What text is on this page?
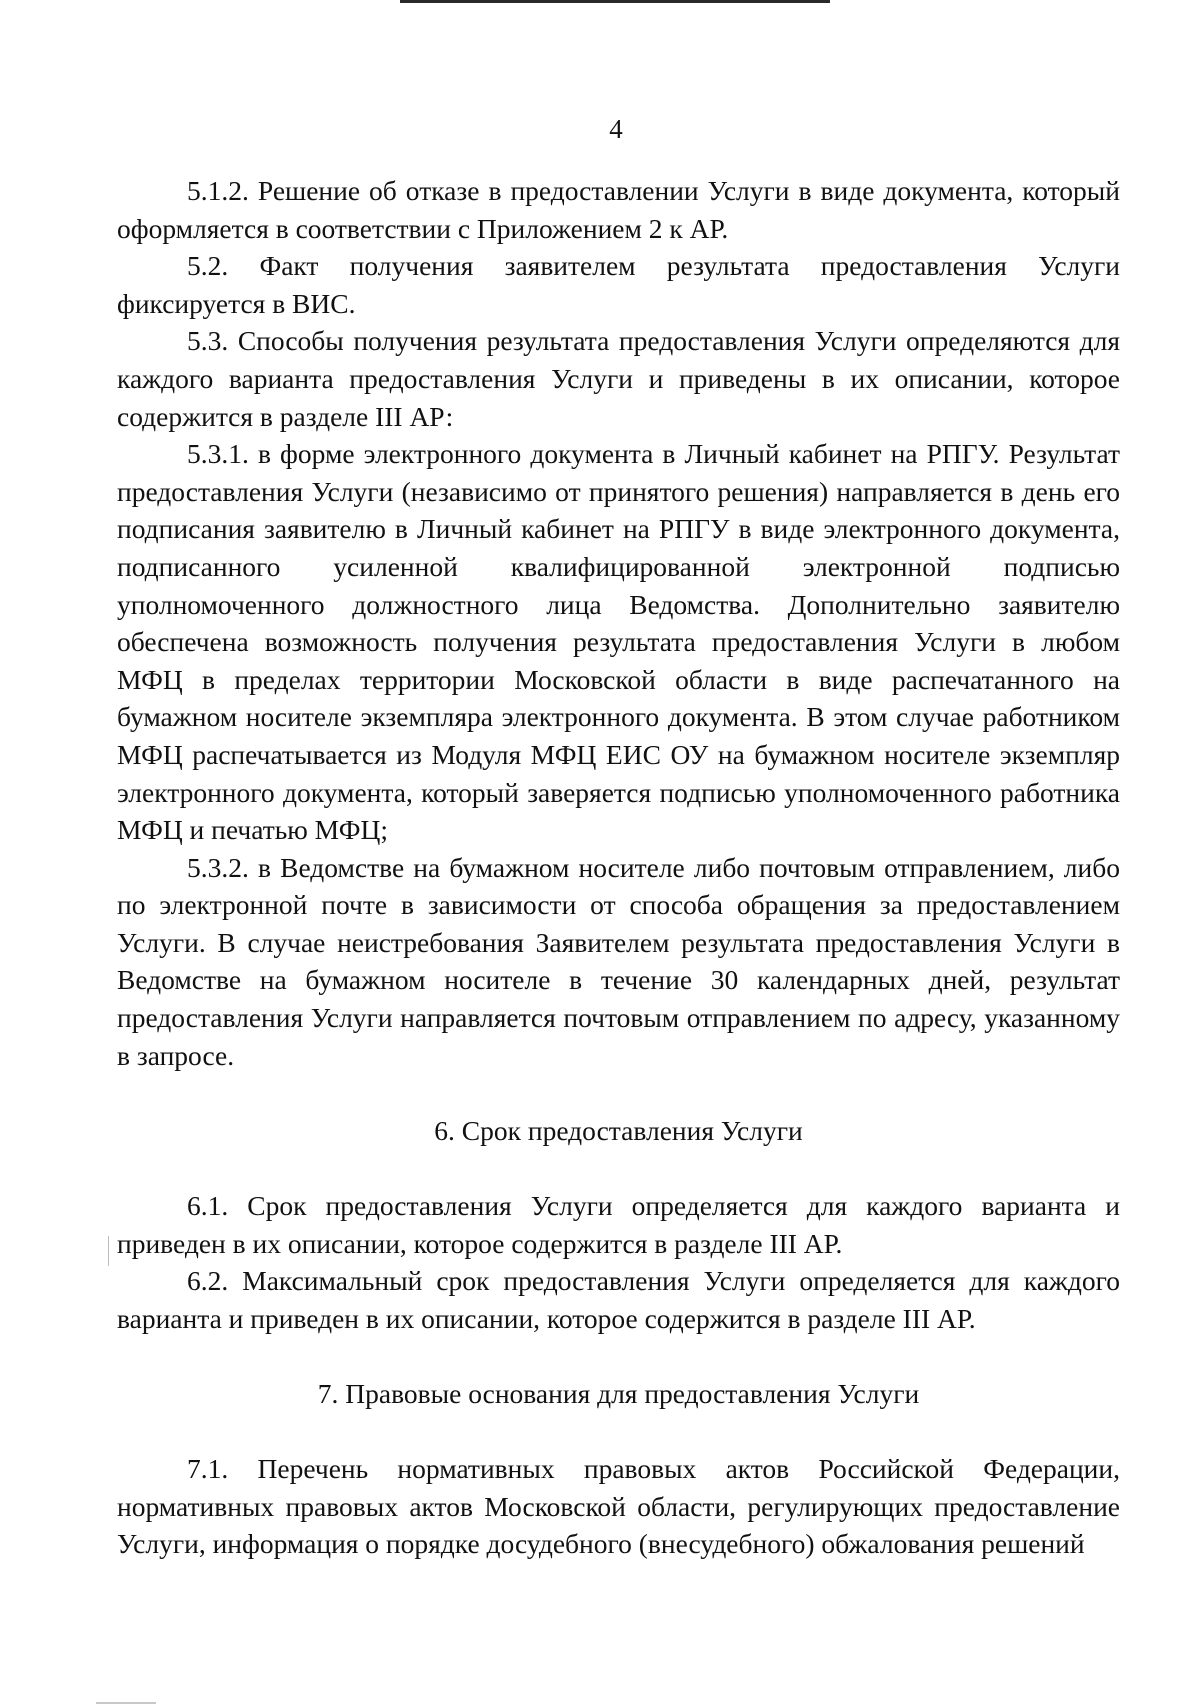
4

5.1.2. Решение об отказе в предоставлении Услуги в виде документа, который оформляется в соответствии с Приложением 2 к АР.

5.2. Факт получения заявителем результата предоставления Услуги фиксируется в ВИС.

5.3. Способы получения результата предоставления Услуги определяются для каждого варианта предоставления Услуги и приведены в их описании, которое содержится в разделе III АР:

5.3.1. в форме электронного документа в Личный кабинет на РПГУ. Результат предоставления Услуги (независимо от принятого решения) направляется в день его подписания заявителю в Личный кабинет на РПГУ в виде электронного документа, подписанного усиленной квалифицированной электронной подписью уполномоченного должностного лица Ведомства. Дополнительно заявителю обеспечена возможность получения результата предоставления Услуги в любом МФЦ в пределах территории Московской области в виде распечатанного на бумажном носителе экземпляра электронного документа. В этом случае работником МФЦ распечатывается из Модуля МФЦ ЕИС ОУ на бумажном носителе экземпляр электронного документа, который заверяется подписью уполномоченного работника МФЦ и печатью МФЦ;

5.3.2. в Ведомстве на бумажном носителе либо почтовым отправлением, либо по электронной почте в зависимости от способа обращения за предоставлением Услуги. В случае неистребования Заявителем результата предоставления Услуги в Ведомстве на бумажном носителе в течение 30 календарных дней, результат предоставления Услуги направляется почтовым отправлением по адресу, указанному в запросе.

6. Срок предоставления Услуги

6.1. Срок предоставления Услуги определяется для каждого варианта и приведен в их описании, которое содержится в разделе III АР.

6.2. Максимальный срок предоставления Услуги определяется для каждого варианта и приведен в их описании, которое содержится в разделе III АР.

7. Правовые основания для предоставления Услуги

7.1. Перечень нормативных правовых актов Российской Федерации, нормативных правовых актов Московской области, регулирующих предоставление Услуги, информация о порядке досудебного (внесудебного) обжалования решений
